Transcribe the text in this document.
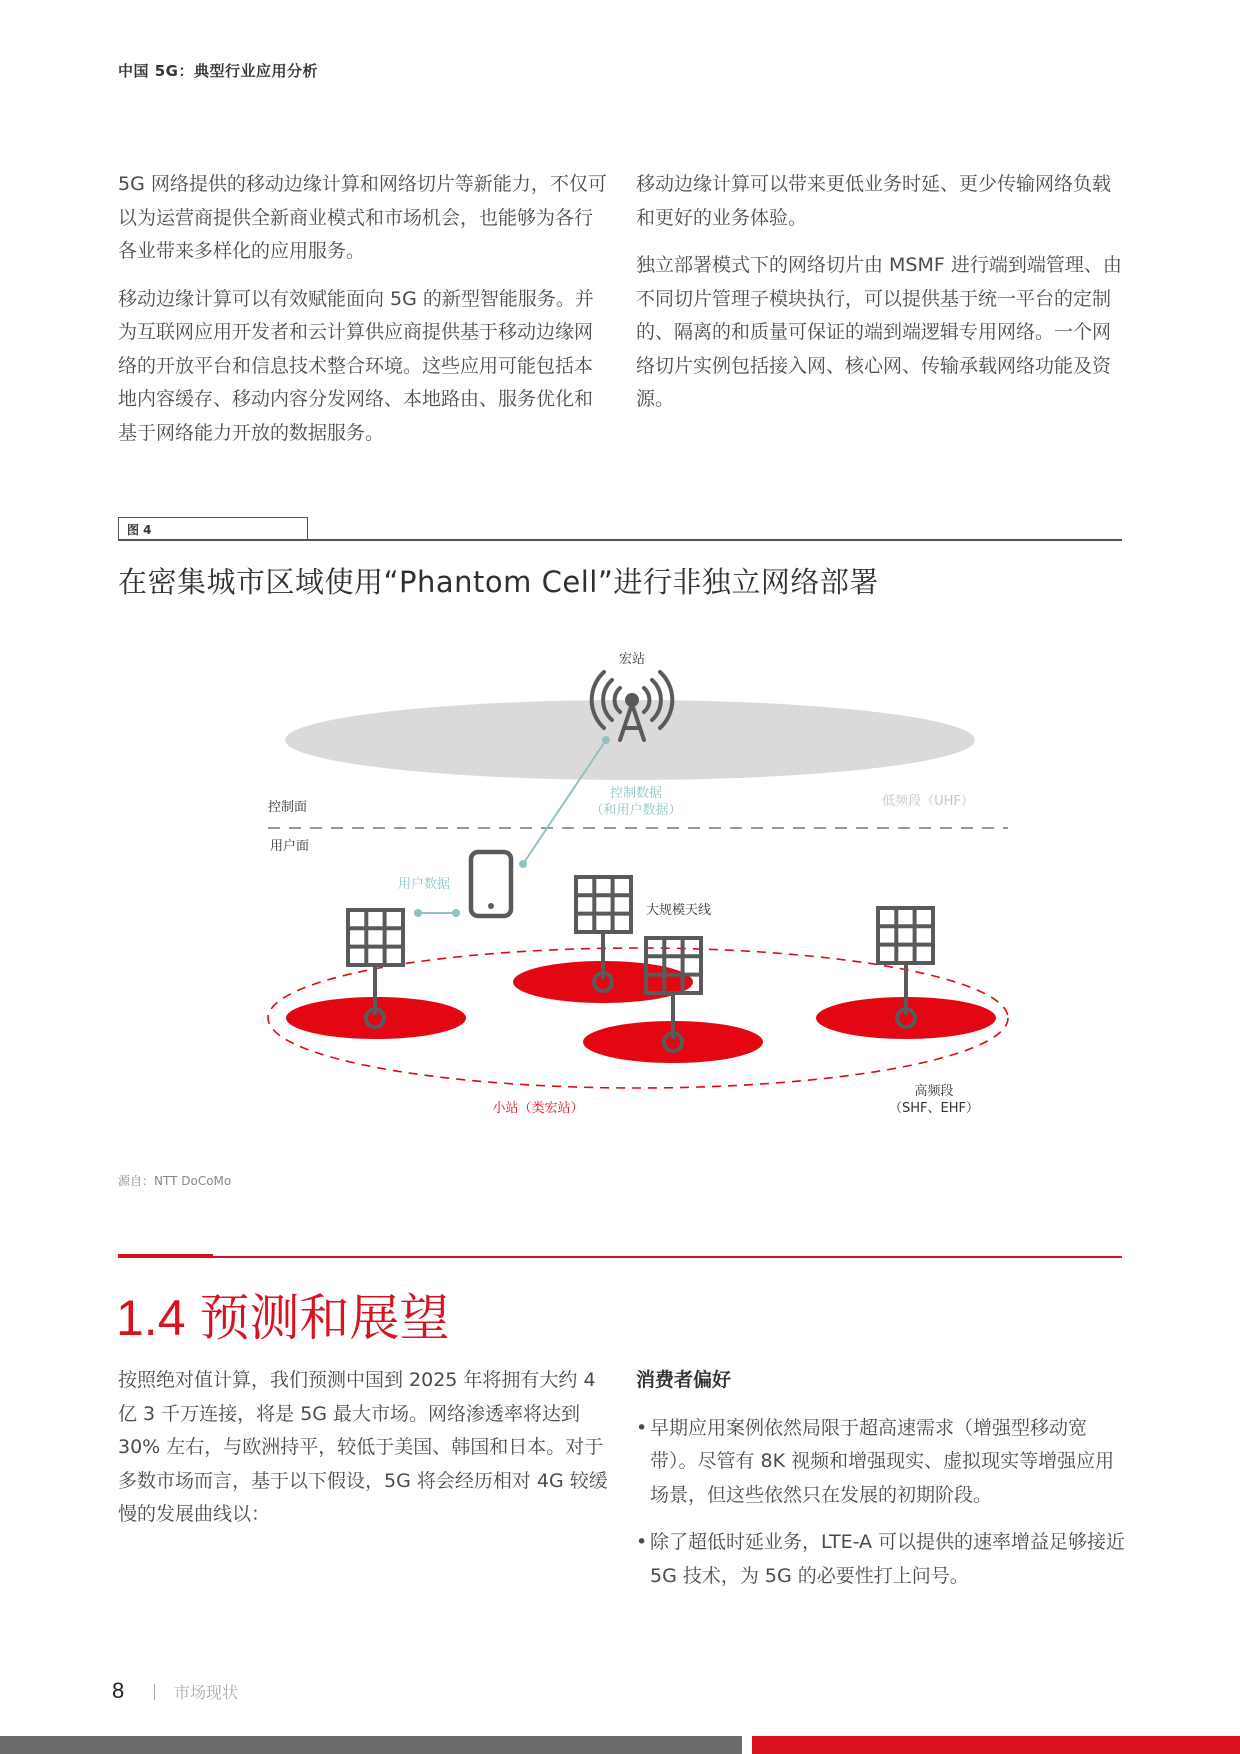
中国 5G：典型行业应用分析

5G 网络提供的移动边缘计算和网络切片等新能力，不仅可以为运营商提供全新商业模式和市场机会，也能够为各行各业带来多样化的应用服务。

移动边缘计算可以有效赋能面向 5G 的新型智能服务。并为互联网应用开发者和云计算供应商提供基于移动边缘网络的开放平台和信息技术整合环境。这些应用可能包括本地内容缓存、移动内容分发网络、本地路由、服务优化和基于网络能力开放的数据服务。

移动边缘计算可以带来更低业务时延、更少传输网络负载和更好的业务体验。

独立部署模式下的网络切片由 MSMF 进行端到端管理、由不同切片管理子模块执行，可以提供基于统一平台的定制的、隔离的和质量可保证的端到端逻辑专用网络。一个网络切片实例包括接入网、核心网、传输承载网络功能及资源。

图 4
在密集城市区域使用“Phantom Cell”进行非独立网络部署
宏站
控制面
用户面
控制数据
（和用户数据）
低频段（UHF）
用户数据
大规模天线
小站（类宏站）
高频段
（SHF、EHF）
源自：NTT DoCoMo
1.4 预测和展望

按照绝对值计算，我们预测中国到 2025 年将拥有大约 4 亿 3 千万连接，将是 5G 最大市场。网络渗透率将达到 30% 左右，与欧洲持平，较低于美国、韩国和日本。对于多数市场而言，基于以下假设，5G 将会经历相对 4G 较缓慢的发展曲线以：

消费者偏好
• 早期应用案例依然局限于超高速需求（增强型移动宽带）。尽管有 8K 视频和增强现实、虚拟现实等增强应用场景，但这些依然只在发展的初期阶段。
• 除了超低时延业务，LTE-A 可以提供的速率增益足够接近 5G 技术，为 5G 的必要性打上问号。
8	市场现状
